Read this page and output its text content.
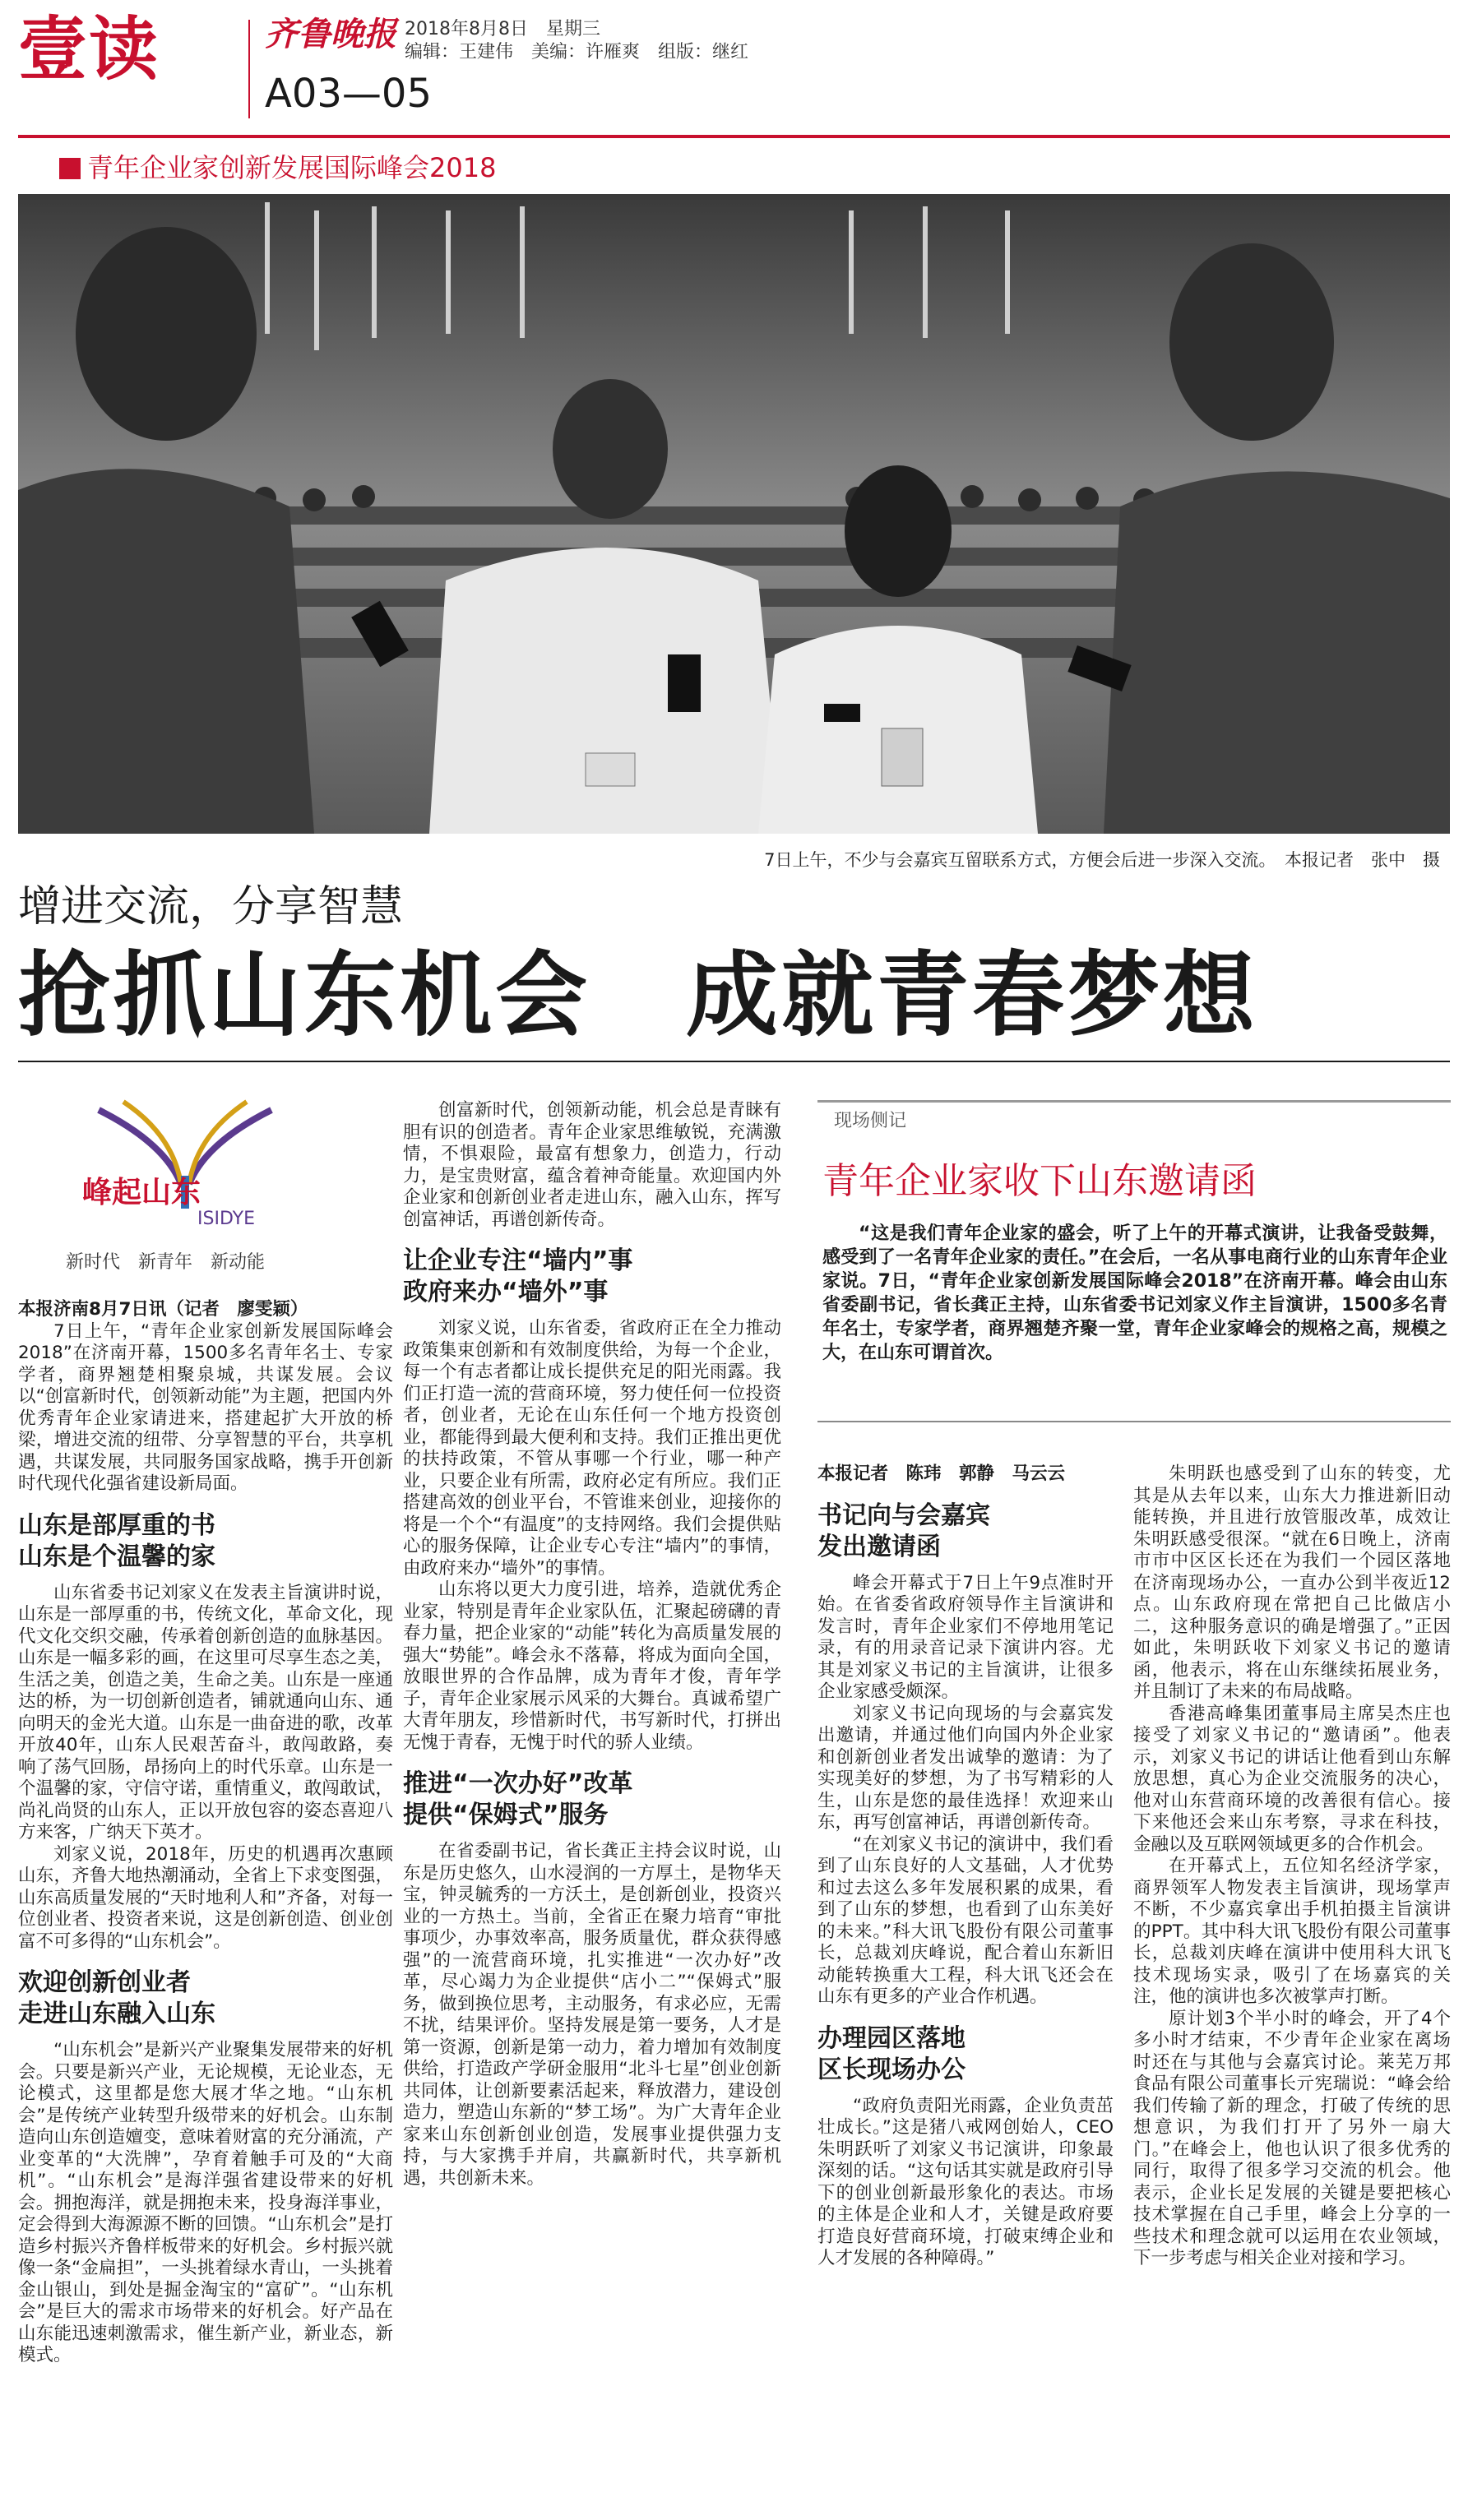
壹读	齐鲁晚报
A03—05
2018年8月8日　星期三
编辑：王建伟　美编：许雁爽　组版：继红
青年企业家创新发展国际峰会2018
7日上午，不少与会嘉宾互留联系方式，方便会后进一步深入交流。　本报记者　张中　摄
增进交流，分享智慧
抢抓山东机会　成就青春梦想
峰起山东
ISIDYE
新时代　新青年　新动能

本报济南8月7日讯（记者　廖雯颖）

7日上午，“青年企业家创新发展国际峰会2018”在济南开幕，1500多名青年名士、专家学者，商界翘楚相聚泉城，共谋发展。会议以“创富新时代，创领新动能”为主题，把国内外优秀青年企业家请进来，搭建起扩大开放的桥梁，增进交流的纽带、分享智慧的平台，共享机遇，共谋发展，共同服务国家战略，携手开创新时代现代化强省建设新局面。

山东是部厚重的书
山东是个温馨的家

山东省委书记刘家义在发表主旨演讲时说，山东是一部厚重的书，传统文化，革命文化，现代文化交织交融，传承着创新创造的血脉基因。山东是一幅多彩的画，在这里可尽享生态之美，生活之美，创造之美，生命之美。山东是一座通达的桥，为一切创新创造者，铺就通向山东、通向明天的金光大道。山东是一曲奋进的歌，改革开放40年，山东人民艰苦奋斗，敢闯敢路，奏响了荡气回肠，昂扬向上的时代乐章。山东是一个温馨的家，守信守诺，重情重义，敢闯敢试，尚礼尚贤的山东人，正以开放包容的姿态喜迎八方来客，广纳天下英才。

刘家义说，2018年，历史的机遇再次惠顾山东，齐鲁大地热潮涌动，全省上下求变图强，山东高质量发展的“天时地利人和”齐备，对每一位创业者、投资者来说，这是创新创造、创业创富不可多得的“山东机会”。

欢迎创新创业者
走进山东融入山东

“山东机会”是新兴产业聚集发展带来的好机会。只要是新兴产业，无论规模，无论业态，无论模式，这里都是您大展才华之地。“山东机会”是传统产业转型升级带来的好机会。山东制造向山东创造嬗变，意味着财富的充分涌流，产业变革的“大洗牌”，孕育着触手可及的“大商机”。“山东机会”是海洋强省建设带来的好机会。拥抱海洋，就是拥抱未来，投身海洋事业，定会得到大海源源不断的回馈。“山东机会”是打造乡村振兴齐鲁样板带来的好机会。乡村振兴就像一条“金扁担”，一头挑着绿水青山，一头挑着金山银山，到处是掘金淘宝的“富矿”。“山东机会”是巨大的需求市场带来的好机会。好产品在山东能迅速刺激需求，催生新产业，新业态，新模式。

创富新时代，创领新动能，机会总是青睐有胆有识的创造者。青年企业家思维敏锐，充满激情，不惧艰险，最富有想象力，创造力，行动力，是宝贵财富，蕴含着神奇能量。欢迎国内外企业家和创新创业者走进山东，融入山东，挥写创富神话，再谱创新传奇。

让企业专注“墙内”事
政府来办“墙外”事

刘家义说，山东省委，省政府正在全力推动政策集束创新和有效制度供给，为每一个企业，每一个有志者都让成长提供充足的阳光雨露。我们正打造一流的营商环境，努力使任何一位投资者，创业者，无论在山东任何一个地方投资创业，都能得到最大便利和支持。我们正推出更优的扶持政策，不管从事哪一个行业，哪一种产业，只要企业有所需，政府必定有所应。我们正搭建高效的创业平台，不管谁来创业，迎接你的将是一个个“有温度”的支持网络。我们会提供贴心的服务保障，让企业专心专注“墙内”的事情，由政府来办“墙外”的事情。

山东将以更大力度引进，培养，造就优秀企业家，特别是青年企业家队伍，汇聚起磅礴的青春力量，把企业家的“动能”转化为高质量发展的强大“势能”。峰会永不落幕，将成为面向全国，放眼世界的合作品牌，成为青年才俊，青年学子，青年企业家展示风采的大舞台。真诚希望广大青年朋友，珍惜新时代，书写新时代，打拼出无愧于青春，无愧于时代的骄人业绩。

推进“一次办好”改革
提供“保姆式”服务

在省委副书记，省长龚正主持会议时说，山东是历史悠久，山水浸润的一方厚土，是物华天宝，钟灵毓秀的一方沃土，是创新创业，投资兴业的一方热土。当前，全省正在聚力培育“审批事项少，办事效率高，服务质量优，群众获得感强”的一流营商环境，扎实推进“一次办好”改革，尽心竭力为企业提供“店小二”“保姆式”服务，做到换位思考，主动服务，有求必应，无需不扰，结果评价。坚持发展是第一要务，人才是第一资源，创新是第一动力，着力增加有效制度供给，打造政产学研金服用“北斗七星”创业创新共同体，让创新要素活起来，释放潜力，建设创造力，塑造山东新的“梦工场”。为广大青年企业家来山东创新创业创造，发展事业提供强力支持，与大家携手并肩，共赢新时代，共享新机遇，共创新未来。

现场侧记
青年企业家收下山东邀请函
“这是我们青年企业家的盛会，听了上午的开幕式演讲，让我备受鼓舞，感受到了一名青年企业家的责任。”在会后，一名从事电商行业的山东青年企业家说。7日，“青年企业家创新发展国际峰会2018”在济南开幕。峰会由山东省委副书记，省长龚正主持，山东省委书记刘家义作主旨演讲，1500多名青年名士，专家学者，商界翘楚齐聚一堂，青年企业家峰会的规格之高，规模之大，在山东可谓首次。

本报记者　陈玮　郭静　马云云

书记向与会嘉宾
发出邀请函

峰会开幕式于7日上午9点准时开始。在省委省政府领导作主旨演讲和发言时，青年企业家们不停地用笔记录，有的用录音记录下演讲内容。尤其是刘家义书记的主旨演讲，让很多企业家感受颇深。

刘家义书记向现场的与会嘉宾发出邀请，并通过他们向国内外企业家和创新创业者发出诚挚的邀请：为了实现美好的梦想，为了书写精彩的人生，山东是您的最佳选择！欢迎来山东，再写创富神话，再谱创新传奇。

“在刘家义书记的演讲中，我们看到了山东良好的人文基础，人才优势和过去这么多年发展积累的成果，看到了山东的梦想，也看到了山东美好的未来。”科大讯飞股份有限公司董事长，总裁刘庆峰说，配合着山东新旧动能转换重大工程，科大讯飞还会在山东有更多的产业合作机遇。

办理园区落地
区长现场办公

“政府负责阳光雨露，企业负责茁壮成长。”这是猪八戒网创始人，CEO朱明跃听了刘家义书记演讲，印象最深刻的话。“这句话其实就是政府引导下的创业创新最形象化的表达。市场的主体是企业和人才，关键是政府要打造良好营商环境，打破束缚企业和人才发展的各种障碍。”

朱明跃也感受到了山东的转变，尤其是从去年以来，山东大力推进新旧动能转换，并且进行放管服改革，成效让朱明跃感受很深。“就在6日晚上，济南市市中区区长还在为我们一个园区落地在济南现场办公，一直办公到半夜近12点。山东政府现在常把自己比做店小二，这种服务意识的确是增强了。”正因如此，朱明跃收下刘家义书记的邀请函，他表示，将在山东继续拓展业务，并且制订了未来的布局战略。

香港高峰集团董事局主席吴杰庄也接受了刘家义书记的“邀请函”。他表示，刘家义书记的讲话让他看到山东解放思想，真心为企业交流服务的决心，他对山东营商环境的改善很有信心。接下来他还会来山东考察，寻求在科技，金融以及互联网领域更多的合作机会。

在开幕式上，五位知名经济学家，商界领军人物发表主旨演讲，现场掌声不断，不少嘉宾拿出手机拍摄主旨演讲的PPT。其中科大讯飞股份有限公司董事长，总裁刘庆峰在演讲中使用科大讯飞技术现场实录，吸引了在场嘉宾的关注，他的演讲也多次被掌声打断。

原计划3个半小时的峰会，开了4个多小时才结束，不少青年企业家在离场时还在与其他与会嘉宾讨论。莱芜万邦食品有限公司董事长亓宪瑞说：“峰会给我们传输了新的理念，打破了传统的思想意识，为我们打开了另外一扇大门。”在峰会上，他也认识了很多优秀的同行，取得了很多学习交流的机会。他表示，企业长足发展的关键是要把核心技术掌握在自己手里，峰会上分享的一些技术和理念就可以运用在农业领域，下一步考虑与相关企业对接和学习。
